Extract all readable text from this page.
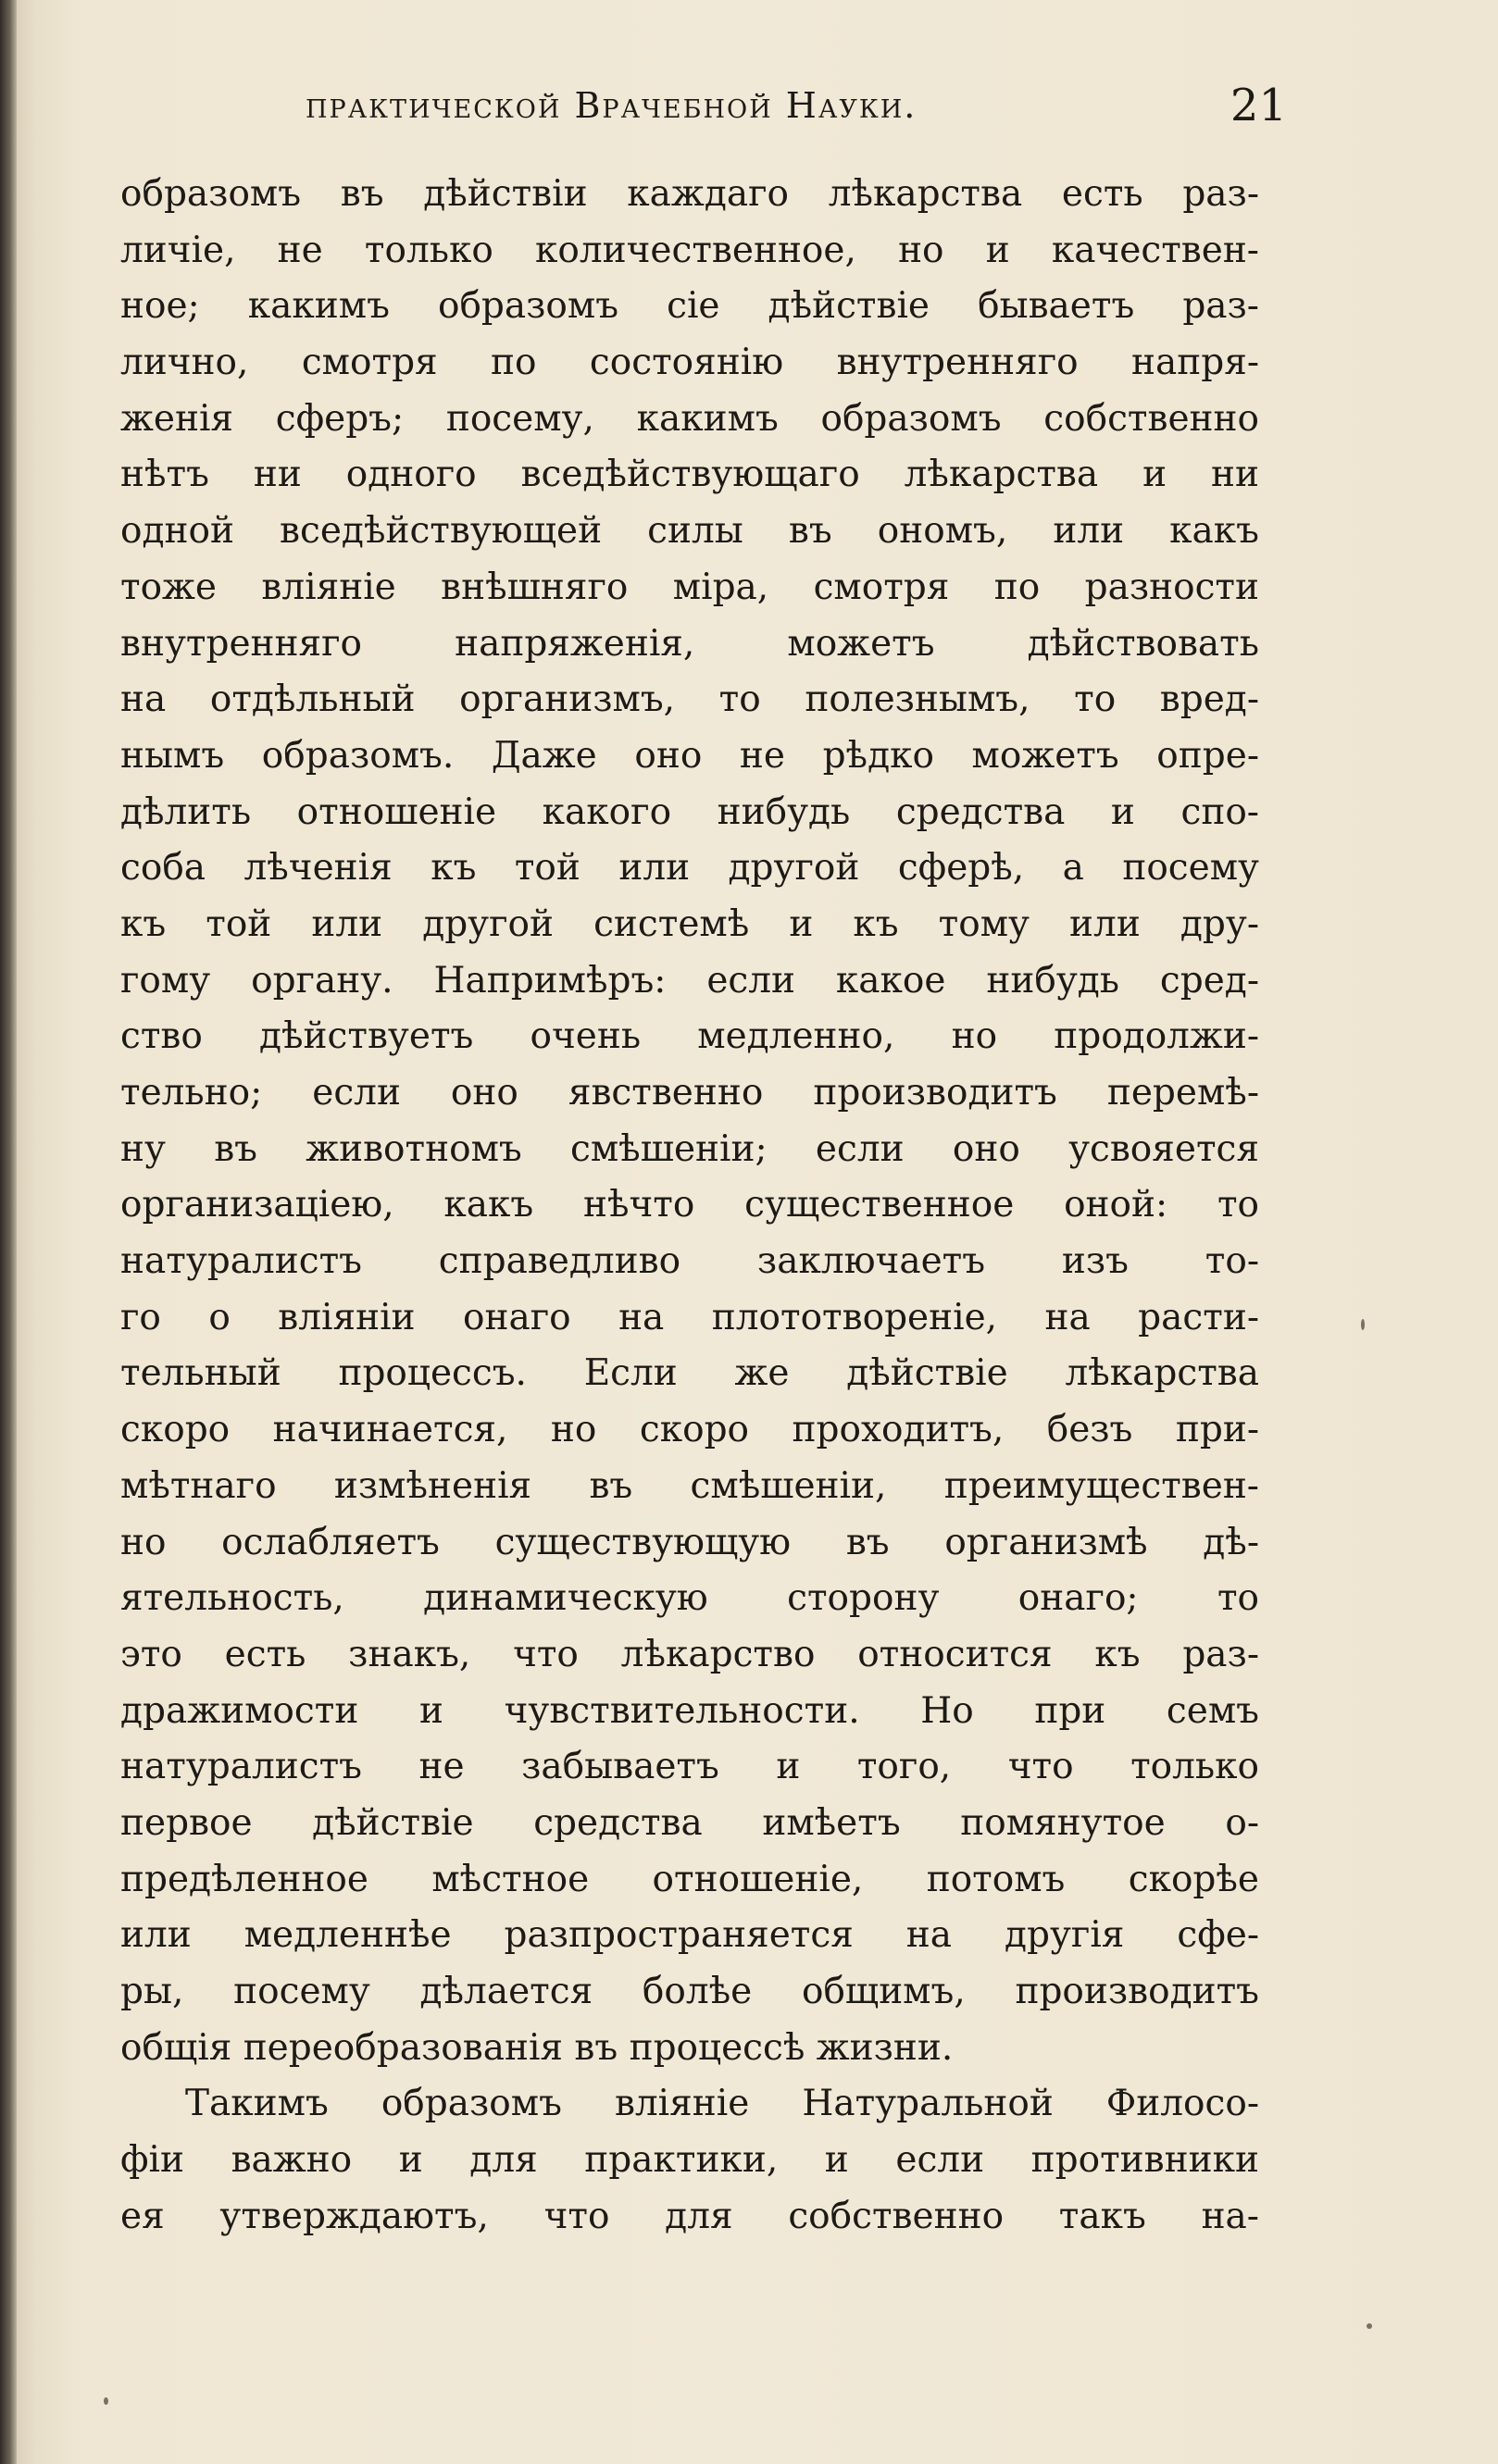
практической Врачебной Науки.	21
образомъ въ дѣйствіи каждаго лѣкарства есть раз-
личіе, не только количественное, но и качествен-
ное; какимъ образомъ сіе дѣйствіе бываетъ раз-
лично, смотря по состоянію внутренняго напря-
женія сферъ; посему, какимъ образомъ собственно
нѣтъ ни одного вседѣйствующаго лѣкарства и ни
одной вседѣйствующей силы въ ономъ, или какъ
тоже вліяніе внѣшняго міра, смотря по разности
внутренняго напряженія, можетъ дѣйствовать
на отдѣльный организмъ, то полезнымъ, то вред-
нымъ образомъ. Даже оно не рѣдко можетъ опре-
дѣлить отношеніе какого нибудь средства и спо-
соба лѣченія къ той или другой сферѣ, а посему
къ той или другой системѣ и къ тому или дру-
гому органу. Напримѣръ: если какое нибудь сред-
ство дѣйствуетъ очень медленно, но продолжи-
тельно; если оно явственно производитъ перемѣ-
ну въ животномъ смѣшеніи; если оно усвояется
организаціею, какъ нѣчто существенное оной: то
натуралистъ справедливо заключаетъ изъ то-
го о вліяніи онаго на плототвореніе, на расти-
тельный процессъ. Если же дѣйствіе лѣкарства
скоро начинается, но скоро проходитъ, безъ при-
мѣтнаго измѣненія въ смѣшеніи, преимуществен-
но ослабляетъ существующую въ организмѣ дѣ-
ятельность, динамическую сторону онаго; то
это есть знакъ, что лѣкарство относится къ раз-
дражимости и чувствительности. Но при семъ
натуралистъ не забываетъ и того, что только
первое дѣйствіе средства имѣетъ помянутое о-
предѣленное мѣстное отношеніе, потомъ скорѣе
или медленнѣе разпространяется на другія сфе-
ры, посему дѣлается болѣе общимъ, производитъ
общія переобразованія въ процессѣ жизни.
Такимъ образомъ вліяніе Натуральной Филосо-
фіи важно и для практики, и если противники
ея утверждаютъ, что для собственно такъ на-
